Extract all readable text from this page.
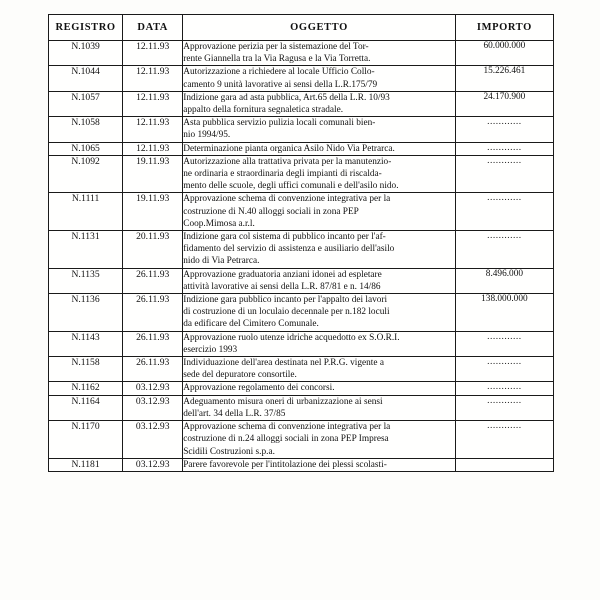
REGISTRO	DATA	OGGETTO	IMPORTO
N.1039	12.11.93	Approvazione perizia per la sistemazione del Tor-
rente Giannella tra la Via Ragusa e la Via Torretta.	60.000.000
N.1044	12.11.93	Autorizzazione a richiedere al locale Ufficio Collo-
camento 9 unità lavorative ai sensi della L.R.175/79	15.226.461
N.1057	12.11.93	Indizione gara ad asta pubblica, Art.65 della L.R. 10/93
appalto della fornitura segnaletica stradale.	24.170.900
N.1058	12.11.93	Asta pubblica servizio pulizia locali comunali bien-
nio 1994/95.	............
N.1065	12.11.93	Determinazione pianta organica Asilo Nido Via Petrarca.	............
N.1092	19.11.93	Autorizzazione alla trattativa privata per la manutenzio-
ne ordinaria e straordinaria degli impianti di riscalda-
mento delle scuole, degli uffici comunali e dell'asilo nido.	............
N.1111	19.11.93	Approvazione schema di convenzione integrativa per la
costruzione di N.40 alloggi sociali in zona PEP
Coop.Mimosa a.r.l.	............
N.1131	20.11.93	Indizione gara col sistema di pubblico incanto per l'af-
fidamento del servizio di assistenza e ausiliario dell'asilo
nido di Via Petrarca.	............
N.1135	26.11.93	Approvazione graduatoria anziani idonei ad espletare
attività lavorative ai sensi della L.R. 87/81 e n. 14/86	8.496.000
N.1136	26.11.93	Indizione gara pubblico incanto per l'appalto dei lavori
di costruzione di un loculaio decennale per n.182 loculi
da edificare del Cimitero Comunale.	138.000.000
N.1143	26.11.93	Approvazione ruolo utenze idriche acquedotto ex S.O.R.I.
esercizio 1993	............
N.1158	26.11.93	Individuazione dell'area destinata nel P.R.G. vigente a
sede del depuratore consortile.	............
N.1162	03.12.93	Approvazione regolamento dei concorsi.	............
N.1164	03.12.93	Adeguamento misura oneri di urbanizzazione ai sensi
dell'art. 34 della L.R. 37/85	............
N.1170	03.12.93	Approvazione schema di convenzione integrativa per la
costruzione di n.24 alloggi sociali in zona PEP Impresa
Scidili Costruzioni s.p.a.	............
N.1181	03.12.93	Parere favorevole per l'intitolazione dei plessi scolasti-	
